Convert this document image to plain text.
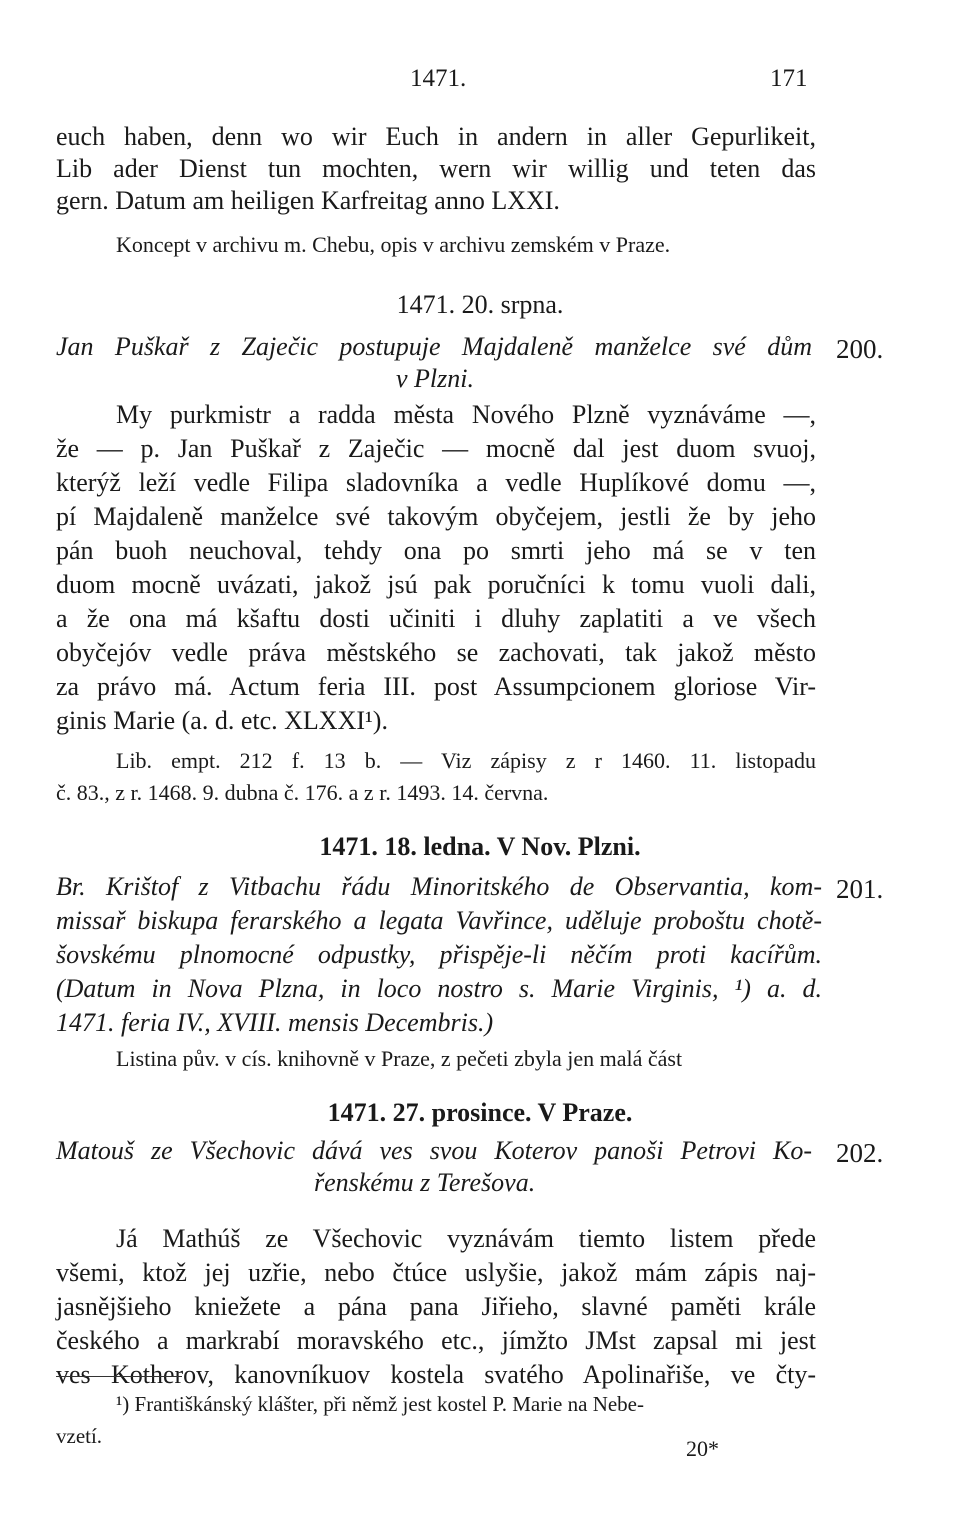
1471.	171
euch haben, denn wo wir Euch in andern in aller Gepurlikeit,
Lib ader Dienst tun mochten, wern wir willig und teten das
gern. Datum am heiligen Karfreitag anno LXXI.
Koncept v archivu m. Chebu, opis v archivu zemském v Praze.
1471. 20. srpna.
Jan Puškař z Zaječic postupuje Majdaleně manželce své dům
v Plzni.
200.
My purkmistr a radda města Nového Plzně vyznáváme —,
že — p. Jan Puškař z Zaječic — mocně dal jest duom svuoj,
kterýž leží vedle Filipa sladovníka a vedle Huplíkové domu —,
pí Majdaleně manželce své takovým obyčejem, jestli že by jeho
pán buoh neuchoval, tehdy ona po smrti jeho má se v ten
duom mocně uvázati, jakož jsú pak poručníci k tomu vuoli dali,
a že ona má kšaftu dosti učiniti i dluhy zaplatiti a ve všech
obyčejóv vedle práva městského se zachovati, tak jakož město
za právo má. Actum feria III. post Assumpcionem gloriose Vir-
ginis Marie (a. d. etc. XLXXI¹).
Lib. empt. 212 f. 13 b. — Viz zápisy z r 1460. 11. listopadu
č. 83., z r. 1468. 9. dubna č. 176. a z r. 1493. 14. června.
1471. 18. ledna. V Nov. Plzni.
Br. Krištof z Vitbachu řádu Minoritského de Observantia, kom-
missař biskupa ferarského a legata Vavřince, uděluje proboštu chotě-
šovskému plnomocné odpustky, přispěje-li něčím proti kacířům.
(Datum in Nova Plzna, in loco nostro s. Marie Virginis, ¹) a. d.
1471. feria IV., XVIII. mensis Decembris.)
201.
Listina pův. v cís. knihovně v Praze, z pečeti zbyla jen malá část
1471. 27. prosince. V Praze.
Matouš ze Všechovic dává ves svou Koterov panoši Petrovi Ko-
řenskému z Terešova.
202.
Já Mathúš ze Všechovic vyznávám tiemto listem přede
všemi, ktož jej uzřie, nebo čtúce uslyšie, jakož mám zápis naj-
jasnějšieho kniežete a pána pana Jiřieho, slavné paměti krále
českého a markrabí moravského etc., jímžto JMst zapsal mi jest
ves Kotherov, kanovníkuov kostela svatého Apolinařiše, ve čty-
¹) Františkánský klášter, při němž jest kostel P. Marie na Nebe-
vzetí.	20*
